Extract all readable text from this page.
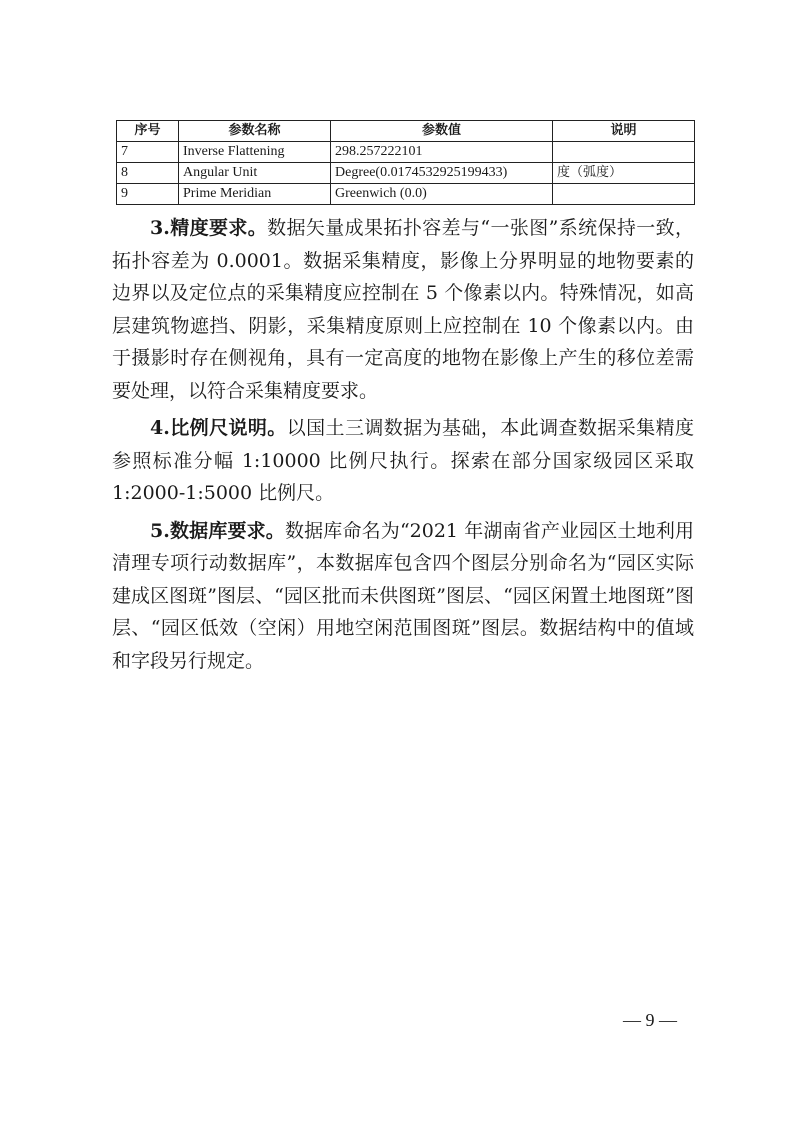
序号	参数名称	参数值	说明
7	Inverse Flattening	298.257222101	
8	Angular Unit	Degree(0.0174532925199433)	度（弧度）
9	Prime Meridian	Greenwich (0.0)	

3.精度要求。数据矢量成果拓扑容差与“一张图”系统保持一致，拓扑容差为 0.0001。数据采集精度，影像上分界明显的地物要素的边界以及定位点的采集精度应控制在 5 个像素以内。特殊情况，如高层建筑物遮挡、阴影，采集精度原则上应控制在 10 个像素以内。由于摄影时存在侧视角，具有一定高度的地物在影像上产生的移位差需要处理，以符合采集精度要求。

4.比例尺说明。以国土三调数据为基础，本此调查数据采集精度参照标准分幅 1:10000 比例尺执行。探索在部分国家级园区采取 1:2000-1:5000 比例尺。

5.数据库要求。数据库命名为“2021 年湖南省产业园区土地利用清理专项行动数据库”，本数据库包含四个图层分别命名为“园区实际建成区图斑”图层、“园区批而未供图斑”图层、“园区闲置土地图斑”图层、“园区低效（空闲）用地空闲范围图斑”图层。数据结构中的值域和字段另行规定。

— 9 —
